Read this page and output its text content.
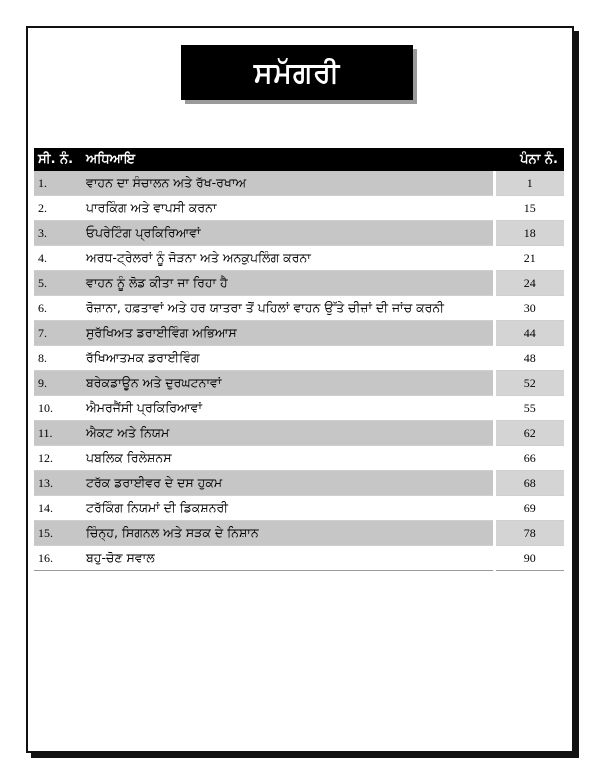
ਸਮੱਗਰੀ
ਸੀ. ਨੰ.	ਅਧਿਆਇ	ਪੰਨਾ ਨੰ.
1.	ਵਾਹਨ ਦਾ ਸੰਚਾਲਨ ਅਤੇ ਰੱਖ-ਰਖਾਅ	1
2.	ਪਾਰਕਿੰਗ ਅਤੇ ਵਾਪਸੀ ਕਰਨਾ	15
3.	ਓਪਰੇਟਿੰਗ ਪ੍ਰਕਿਰਿਆਵਾਂ	18
4.	ਅਰਧ-ਟ੍ਰੇਲਰਾਂ ਨੂੰ ਜੋੜਨਾ ਅਤੇ ਅਨਕੁਪਲਿੰਗ ਕਰਨਾ	21
5.	ਵਾਹਨ ਨੂੰ ਲੋਡ ਕੀਤਾ ਜਾ ਰਿਹਾ ਹੈ	24
6.	ਰੋਜ਼ਾਨਾ, ਹਫ਼ਤਾਵਾਂ ਅਤੇ ਹਰ ਯਾਤਰਾ ਤੋਂ ਪਹਿਲਾਂ ਵਾਹਨ ਉੱਤੇ ਚੀਜ਼ਾਂ ਦੀ ਜਾਂਚ ਕਰਨੀ	30
7.	ਸੁਰੱਖਿਅਤ ਡਰਾਈਵਿੰਗ ਅਭਿਆਸ	44
8.	ਰੱਖਿਆਤਮਕ ਡਰਾਈਵਿੰਗ	48
9.	ਬਰੇਕਡਾਊਨ ਅਤੇ ਦੁਰਘਟਨਾਵਾਂ	52
10.	ਐਮਰਜੈਂਸੀ ਪ੍ਰਕਿਰਿਆਵਾਂ	55
11.	ਐਕਟ ਅਤੇ ਨਿਯਮ	62
12.	ਪਬਲਿਕ ਰਿਲੇਸ਼ਨਸ	66
13.	ਟਰੱਕ ਡਰਾਈਵਰ ਦੇ ਦਸ ਹੁਕਮ	68
14.	ਟਰੱਕਿੰਗ ਨਿਯਮਾਂ ਦੀ ਡਿਕਸ਼ਨਰੀ	69
15.	ਚਿੰਨ੍ਹ, ਸਿਗਨਲ ਅਤੇ ਸੜਕ ਦੇ ਨਿਸ਼ਾਨ	78
16.	ਬਹੁ-ਚੋਣ ਸਵਾਲ	90
